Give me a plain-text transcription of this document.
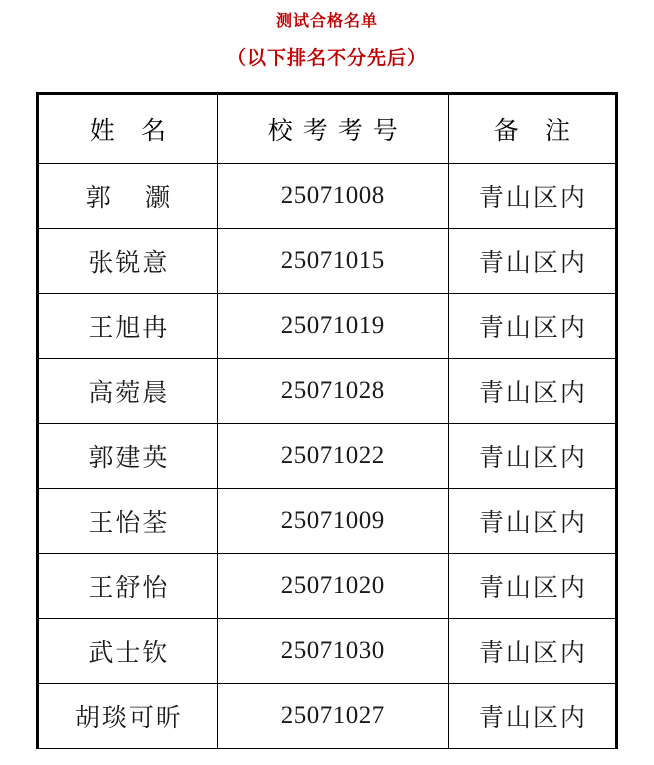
测试合格名单
（以下排名不分先后）
姓 名	校考考号	备 注
郭 灏	25071008	青山区内
张锐意	25071015	青山区内
王旭冉	25071019	青山区内
高菀晨	25071028	青山区内
郭建英	25071022	青山区内
王怡荃	25071009	青山区内
王舒怡	25071020	青山区内
武士钦	25071030	青山区内
胡琰可昕	25071027	青山区内
